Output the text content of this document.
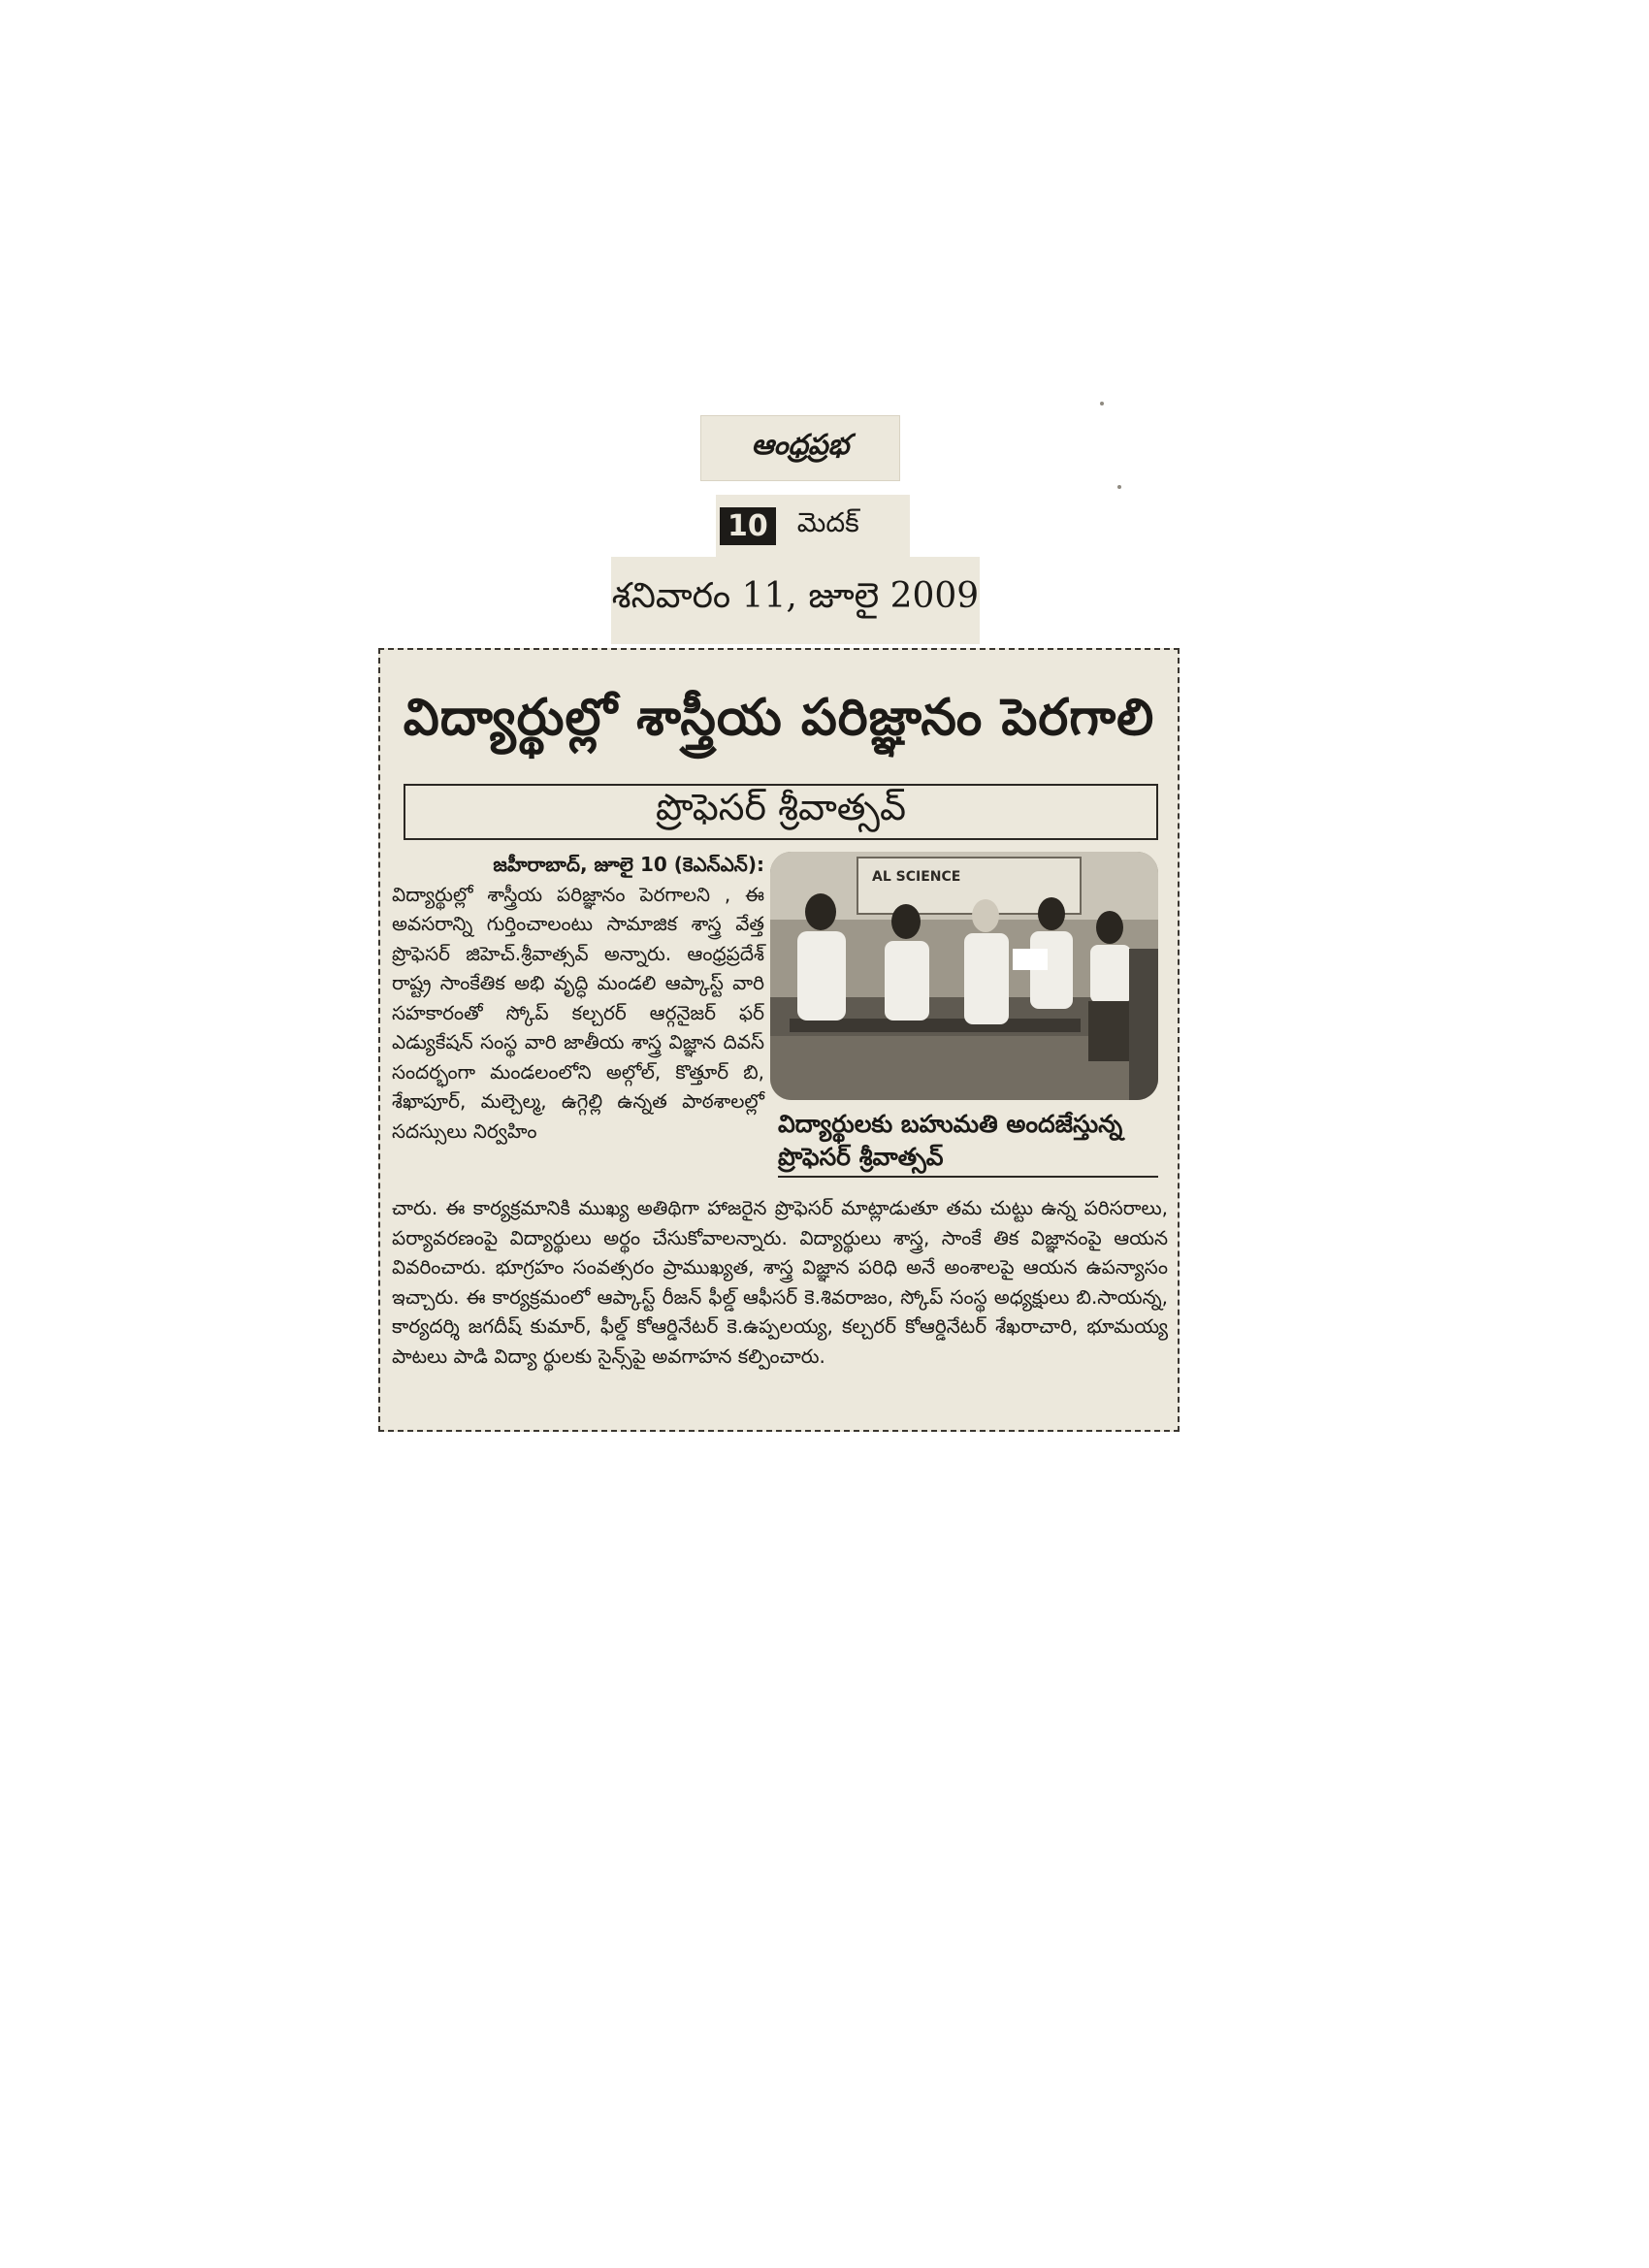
ఆంధ్రప్రభ
10 మెదక్
శనివారం 11, జూలై 2009
విద్యార్థుల్లో శాస్త్రీయ పరిజ్ఞానం పెరగాలి
ప్రొఫెసర్ శ్రీవాత్సవ్
జహీరాబాద్, జూలై 10 (కెఎన్ఎన్):
విద్యార్థుల్లో శాస్త్రీయ పరిజ్ఞానం పెరగాలని , ఈ అవసరాన్ని గుర్తించాలంటు సామాజిక శాస్త్ర వేత్త ప్రొఫెసర్ జిహెచ్.శ్రీవాత్సవ్ అన్నారు. ఆంధ్రప్రదేశ్ రాష్ట్ర సాంకేతిక అభి వృద్ధి మండలి ఆప్కాస్ట్ వారి సహకారంతో స్కోప్ కల్చరర్ ఆర్గనైజర్ ఫర్ ఎడ్యుకేషన్ సంస్థ వారి జాతీయ శాస్త్ర విజ్ఞాన దివస్ సందర్భంగా మండలంలోని అల్గోల్, కొత్తూర్ బి, శేఖాపూర్, మల్చెల్మ, ఉగ్గెల్లి ఉన్నత పాఠశాలల్లో సదస్సులు నిర్వహిం
AL SCIENCE
విద్యార్థులకు బహుమతి అందజేస్తున్న
ప్రొఫెసర్ శ్రీవాత్సవ్
చారు. ఈ కార్యక్రమానికి ముఖ్య అతిథిగా హాజరైన ప్రొఫెసర్ మాట్లాడుతూ తమ చుట్టు ఉన్న పరిసరాలు, పర్యావరణంపై విద్యార్థులు అర్థం చేసుకోవాలన్నారు. విద్యార్థులు శాస్త్ర, సాంకే తిక విజ్ఞానంపై ఆయన వివరించారు. భూగ్రహం సంవత్సరం ప్రాముఖ్యత, శాస్త్ర విజ్ఞాన పరిధి అనే అంశాలపై ఆయన ఉపన్యాసం ఇచ్చారు. ఈ కార్యక్రమంలో ఆప్కాస్ట్ రీజన్ ఫీల్డ్ ఆఫీసర్ కె.శివరాజం, స్కోప్ సంస్థ అధ్యక్షులు బి.సాయన్న, కార్యదర్శి జగదీష్ కుమార్, ఫీల్డ్ కోఆర్డినేటర్ కె.ఉప్పలయ్య, కల్చరర్ కోఆర్డినేటర్ శేఖరాచారి, భూమయ్య పాటలు పాడి విద్యా ర్థులకు సైన్స్‌పై అవగాహన కల్పించారు.
